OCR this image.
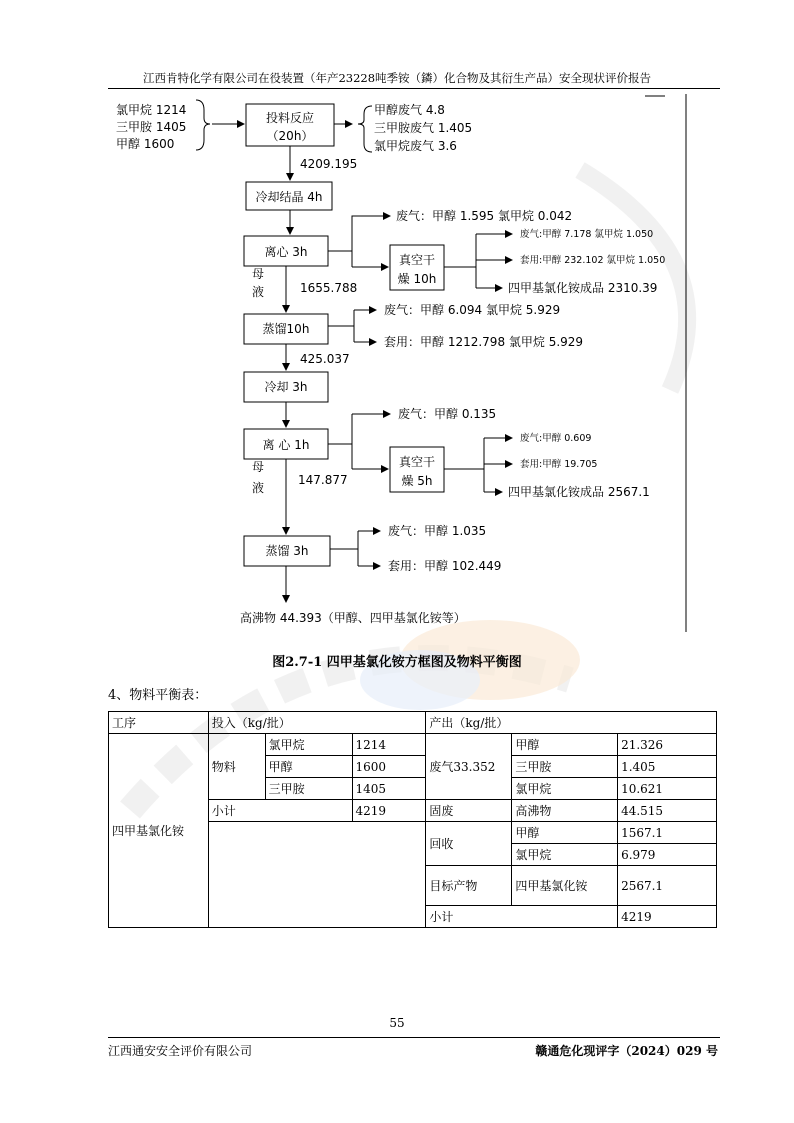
江西肯特化学有限公司在役装置（年产23228吨季铵（鏻）化合物及其衍生产品）安全现状评价报告
氯甲烷 1214
三甲胺 1405
甲醇 1600
投料反应
（20h）
甲醇废气 4.8
三甲胺废气 1.405
氯甲烷废气 3.6
4209.195
冷却结晶 4h
废气：甲醇 1.595 氯甲烷 0.042
离心 3h
真空干
燥 10h
废气:甲醇 7.178 氯甲烷 1.050
套用:甲醇 232.102 氯甲烷 1.050
四甲基氯化铵成品 2310.39
母
液	1655.788
废气：甲醇 6.094 氯甲烷 5.929
蒸馏10h
套用：甲醇 1212.798 氯甲烷 5.929
425.037
冷却 3h
废气：甲醇 0.135
离 心 1h
真空干
燥 5h
废气:甲醇 0.609
套用:甲醇 19.705
四甲基氯化铵成品 2567.1
母
液
147.877
废气：甲醇 1.035
蒸馏 3h
套用：甲醇 102.449
高沸物 44.393（甲醇、四甲基氯化铵等）
图2.7-1 四甲基氯化铵方框图及物料平衡图
4、物料平衡表：
工序	投入（kg/批）			产出（kg/批）		
四甲基氯化铵	物料	氯甲烷	1214	废气33.352	甲醇	21.326
		甲醇	1600		三甲胺	1.405
		三甲胺	1405		氯甲烷	10.621
	小计		4219	固废	高沸物	44.515
				回收	甲醇	1567.1
					氯甲烷	6.979
				目标产物	四甲基氯化铵	2567.1
				小计		4219
55
江西通安安全评价有限公司	赣通危化现评字（2024）029 号
